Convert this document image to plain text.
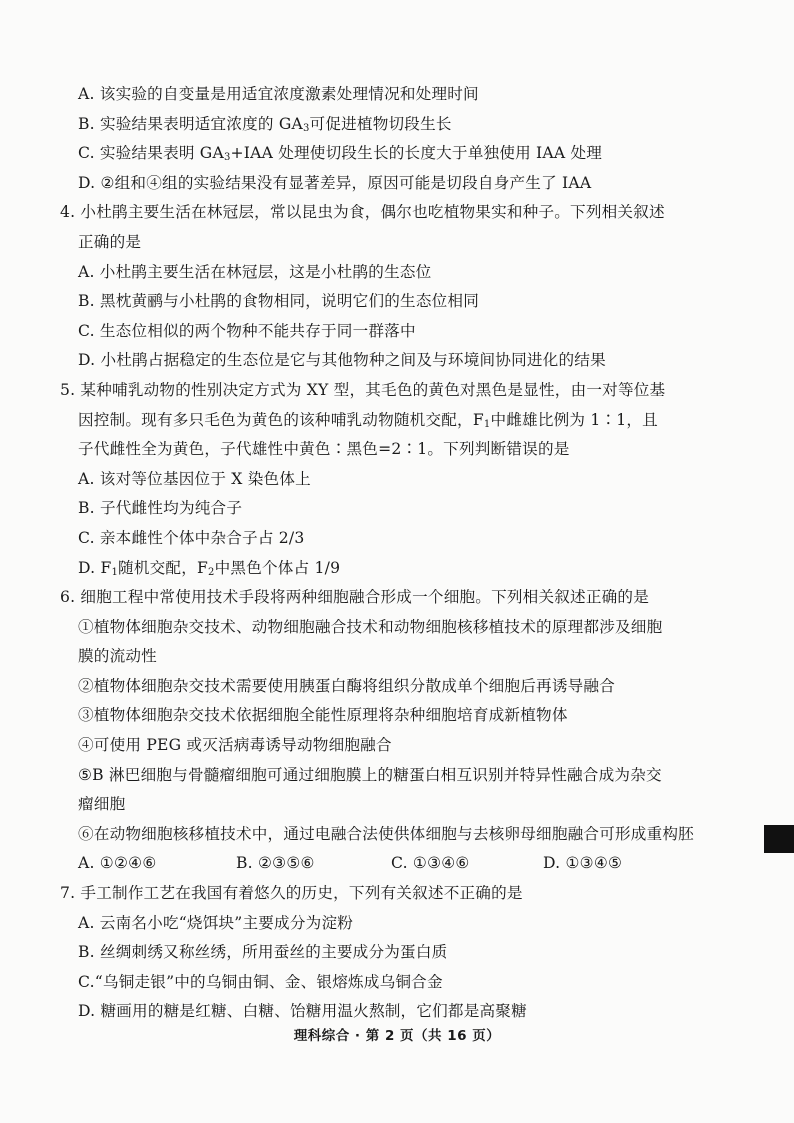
A. 该实验的自变量是用适宜浓度激素处理情况和处理时间
B. 实验结果表明适宜浓度的 $GA_3$可促进植物切段生长
C. 实验结果表明 $GA_3+IAA$ 处理使切段生长的长度大于单独使用 IAA 处理
D. ②组和④组的实验结果没有显著差异，原因可能是切段自身产生了 IAA
4. 小杜鹃主要生活在林冠层，常以昆虫为食，偶尔也吃植物果实和种子。下列相关叙述
正确的是
A. 小杜鹃主要生活在林冠层，这是小杜鹃的生态位
B. 黑枕黄鹂与小杜鹃的食物相同，说明它们的生态位相同
C. 生态位相似的两个物种不能共存于同一群落中
D. 小杜鹃占据稳定的生态位是它与其他物种之间及与环境间协同进化的结果
5. 某种哺乳动物的性别决定方式为 XY 型，其毛色的黄色对黑色是显性，由一对等位基
因控制。现有多只毛色为黄色的该种哺乳动物随机交配，$F_1$中雌雄比例为 1∶1，且
子代雌性全为黄色，子代雄性中黄色∶黑色=2∶1。下列判断错误的是
A. 该对等位基因位于 X 染色体上
B. 子代雌性均为纯合子
C. 亲本雌性个体中杂合子占 2/3
D. $F_1$随机交配，$F_2$中黑色个体占 1/9
6. 细胞工程中常使用技术手段将两种细胞融合形成一个细胞。下列相关叙述正确的是
①植物体细胞杂交技术、动物细胞融合技术和动物细胞核移植技术的原理都涉及细胞
膜的流动性
②植物体细胞杂交技术需要使用胰蛋白酶将组织分散成单个细胞后再诱导融合
③植物体细胞杂交技术依据细胞全能性原理将杂种细胞培育成新植物体
④可使用 PEG 或灭活病毒诱导动物细胞融合
⑤B 淋巴细胞与骨髓瘤细胞可通过细胞膜上的糖蛋白相互识别并特异性融合成为杂交
瘤细胞
⑥在动物细胞核移植技术中，通过电融合法使供体细胞与去核卵母细胞融合可形成重构胚
A. ①②④⑥	B. ②③⑤⑥	C. ①③④⑥	D. ①③④⑤
7. 手工制作工艺在我国有着悠久的历史，下列有关叙述不正确的是
A. 云南名小吃“烧饵块”主要成分为淀粉
B. 丝绸刺绣又称丝绣，所用蚕丝的主要成分为蛋白质
C.“乌铜走银”中的乌铜由铜、金、银熔炼成乌铜合金
D. 糖画用的糖是红糖、白糖、饴糖用温火熬制，它们都是高聚糖
理科综合 · 第 2 页（共 16 页）
